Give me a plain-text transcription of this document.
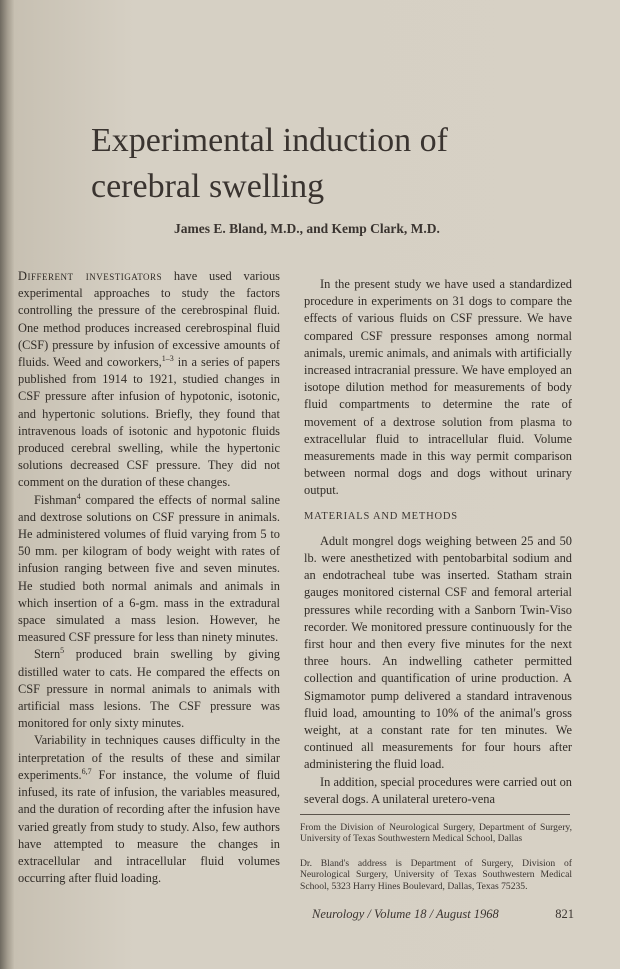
Experimental induction of
cerebral swelling
James E. Bland, M.D., and Kemp Clark, M.D.

Different investigators have used various experimental approaches to study the factors controlling the pressure of the cerebrospinal fluid. One method produces increased cerebrospinal fluid (CSF) pressure by infusion of excessive amounts of fluids. Weed and coworkers,$^{1-3}$ in a series of papers published from 1914 to 1921, studied changes in CSF pressure after infusion of hypotonic, isotonic, and hypertonic solutions. Briefly, they found that intravenous loads of isotonic and hypotonic fluids produced cerebral swelling, while the hypertonic solutions decreased CSF pressure. They did not comment on the duration of these changes.

Fishman$^4$ compared the effects of normal saline and dextrose solutions on CSF pressure in animals. He administered volumes of fluid varying from 5 to 50 mm. per kilogram of body weight with rates of infusion ranging between five and seven minutes. He studied both normal animals and animals in which insertion of a 6-gm. mass in the extradural space simulated a mass lesion. However, he measured CSF pressure for less than ninety minutes.

Stern$^5$ produced brain swelling by giving distilled water to cats. He compared the effects on CSF pressure in normal animals to animals with artificial mass lesions. The CSF pressure was monitored for only sixty minutes.

Variability in techniques causes difficulty in the interpretation of the results of these and similar experiments.$^{6,7}$ For instance, the volume of fluid infused, its rate of infusion, the variables measured, and the duration of recording after the infusion have varied greatly from study to study. Also, few authors have attempted to measure the changes in extracellular and intracellular fluid volumes occurring after fluid loading.

In the present study we have used a standardized procedure in experiments on 31 dogs to compare the effects of various fluids on CSF pressure. We have compared CSF pressure responses among normal animals, uremic animals, and animals with artificially increased intracranial pressure. We have employed an isotope dilution method for measurements of body fluid compartments to determine the rate of movement of a dextrose solution from plasma to extracellular fluid to intracellular fluid. Volume measurements made in this way permit comparison between normal dogs and dogs without urinary output.

MATERIALS AND METHODS

Adult mongrel dogs weighing between 25 and 50 lb. were anesthetized with pentobarbital sodium and an endotracheal tube was inserted. Statham strain gauges monitored cisternal CSF and femoral arterial pressures while recording with a Sanborn Twin-Viso recorder. We monitored pressure continuously for the first hour and then every five minutes for the next three hours. An indwelling catheter permitted collection and quantification of urine production. A Sigmamotor pump delivered a standard intravenous fluid load, amounting to 10% of the animal's gross weight, at a constant rate for ten minutes. We continued all measurements for four hours after administering the fluid load.

In addition, special procedures were carried out on several dogs. A unilateral uretero-vena

From the Division of Neurological Surgery, Department of Surgery, University of Texas Southwestern Medical School, Dallas
Dr. Bland's address is Department of Surgery, Division of Neurological Surgery, University of Texas Southwestern Medical School, 5323 Harry Hines Boulevard, Dallas, Texas 75235.
Neurology / Volume 18 / August 1968	821
